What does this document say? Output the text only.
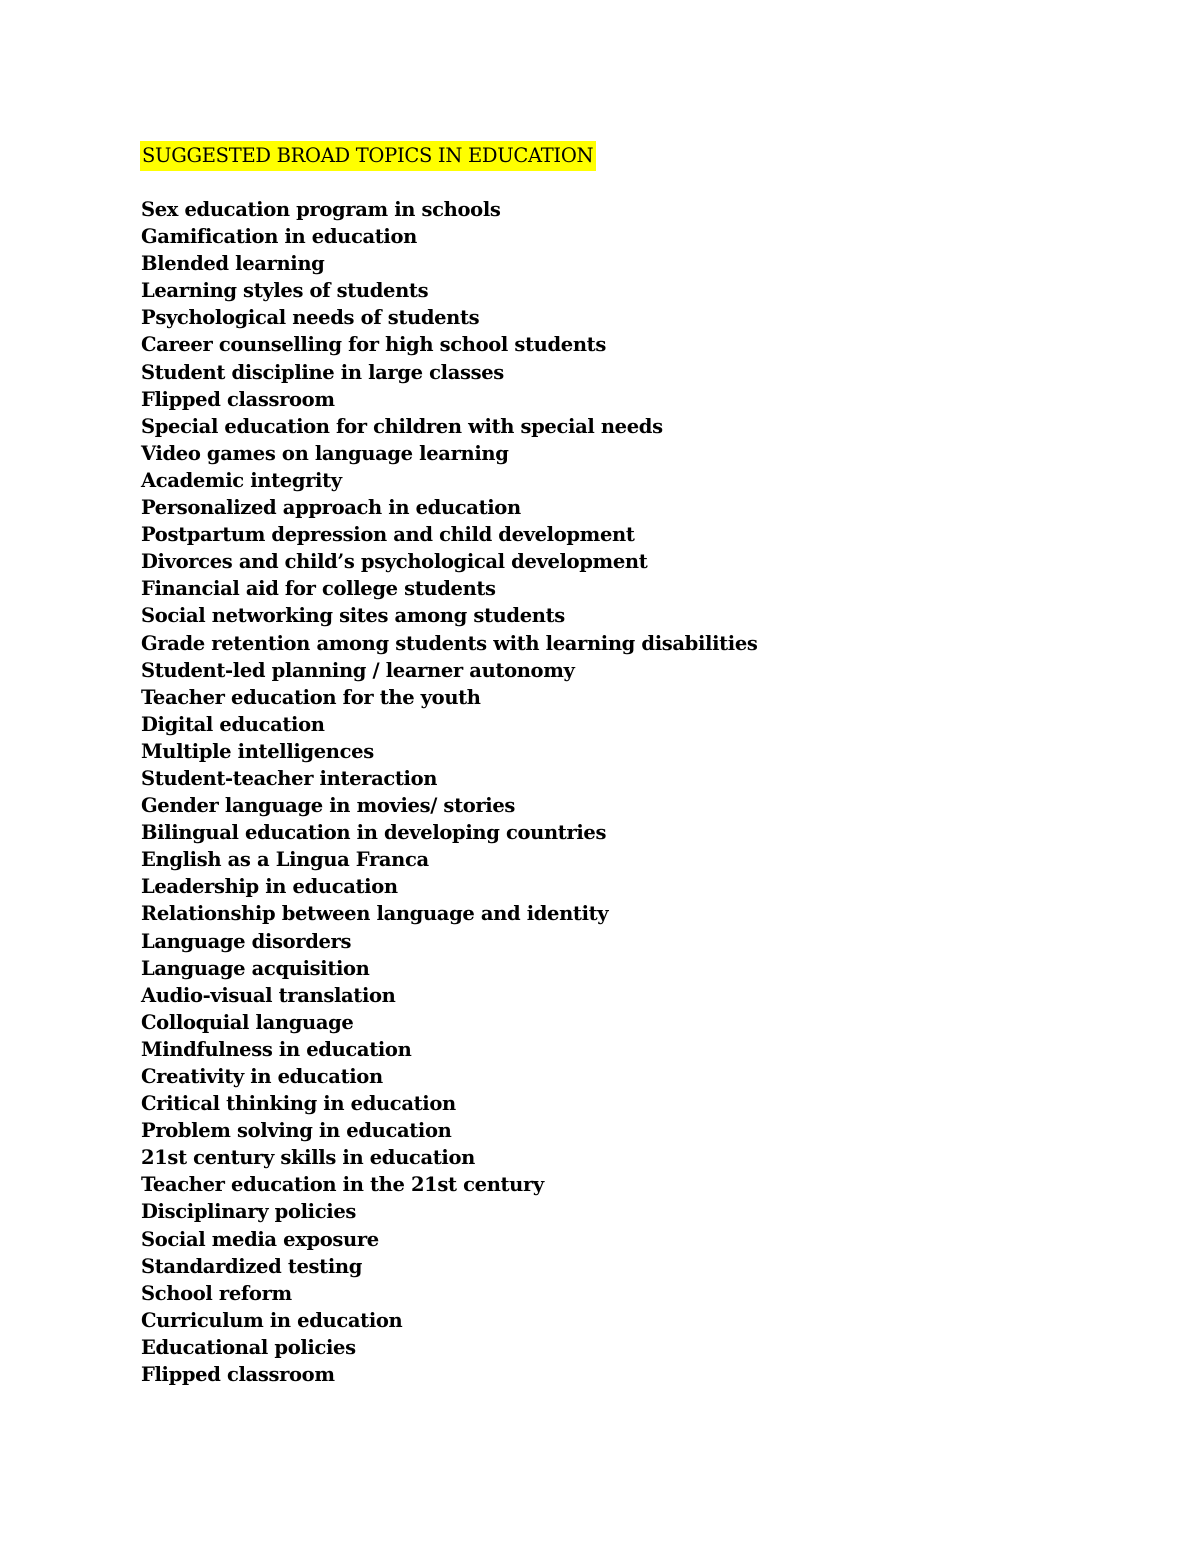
SUGGESTED BROAD TOPICS IN EDUCATION
Sex education program in schools
Gamification in education
Blended learning
Learning styles of students
Psychological needs of students
Career counselling for high school students
Student discipline in large classes
Flipped classroom
Special education for children with special needs
Video games on language learning
Academic integrity
Personalized approach in education
Postpartum depression and child development
Divorces and child’s psychological development
Financial aid for college students
Social networking sites among students
Grade retention among students with learning disabilities
Student-led planning / learner autonomy
Teacher education for the youth
Digital education
Multiple intelligences
Student-teacher interaction
Gender language in movies/ stories
Bilingual education in developing countries
English as a Lingua Franca
Leadership in education
Relationship between language and identity
Language disorders
Language acquisition
Audio-visual translation
Colloquial language
Mindfulness in education
Creativity in education
Critical thinking in education
Problem solving in education
21st century skills in education
Teacher education in the 21st century
Disciplinary policies
Social media exposure
Standardized testing
School reform
Curriculum in education
Educational policies
Flipped classroom
